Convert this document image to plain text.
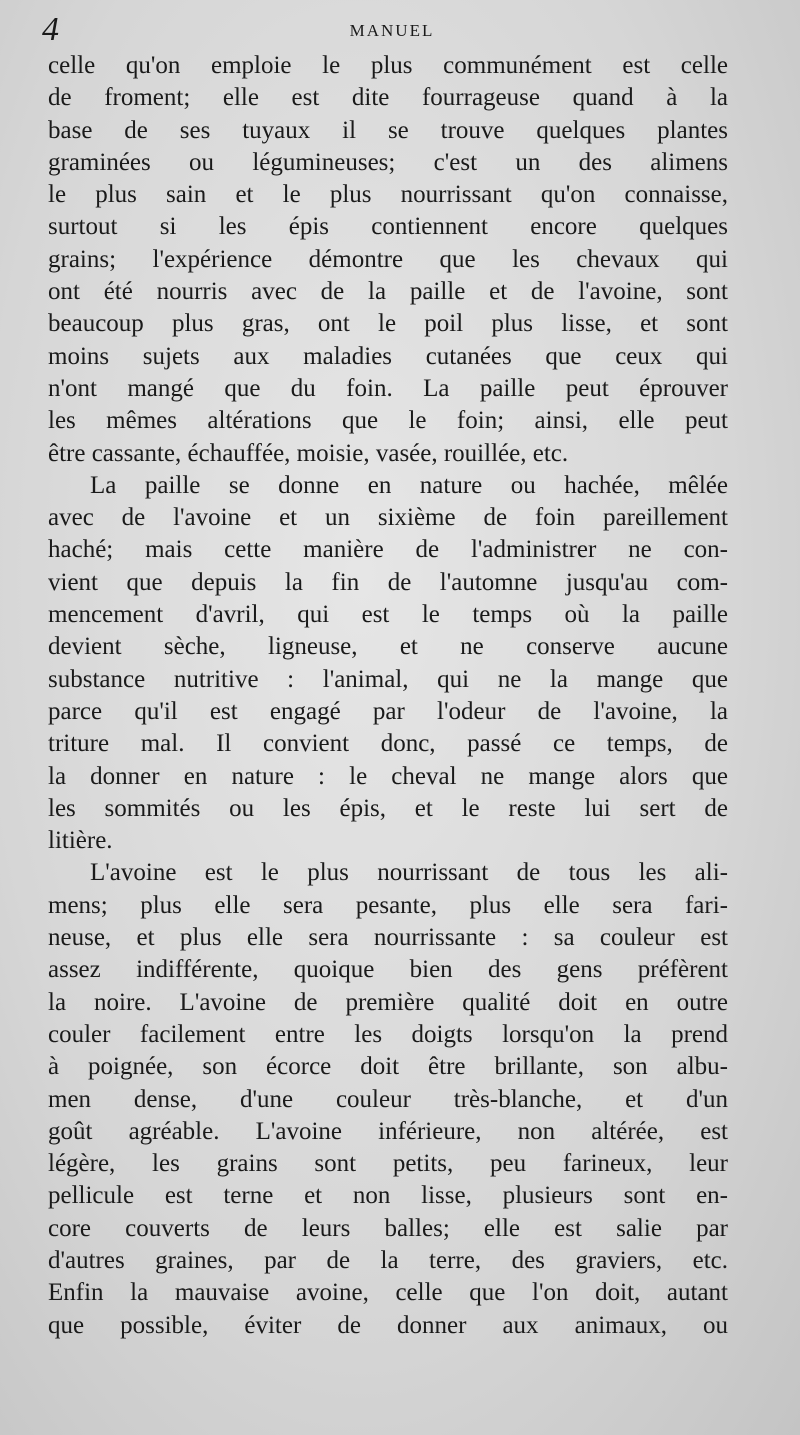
4	MANUEL
celle qu'on emploie le plus communément est celle
de froment; elle est dite fourrageuse quand à la
base de ses tuyaux il se trouve quelques plantes
graminées ou légumineuses; c'est un des alimens
le plus sain et le plus nourrissant qu'on connaisse,
surtout si les épis contiennent encore quelques
grains; l'expérience démontre que les chevaux qui
ont été nourris avec de la paille et de l'avoine, sont
beaucoup plus gras, ont le poil plus lisse, et sont
moins sujets aux maladies cutanées que ceux qui
n'ont mangé que du foin. La paille peut éprouver
les mêmes altérations que le foin; ainsi, elle peut
être cassante, échauffée, moisie, vasée, rouillée, etc.
La paille se donne en nature ou hachée, mêlée
avec de l'avoine et un sixième de foin pareillement
haché; mais cette manière de l'administrer ne con-
vient que depuis la fin de l'automne jusqu'au com-
mencement d'avril, qui est le temps où la paille
devient sèche, ligneuse, et ne conserve aucune
substance nutritive : l'animal, qui ne la mange que
parce qu'il est engagé par l'odeur de l'avoine, la
triture mal. Il convient donc, passé ce temps, de
la donner en nature : le cheval ne mange alors que
les sommités ou les épis, et le reste lui sert de
litière.
L'avoine est le plus nourrissant de tous les ali-
mens; plus elle sera pesante, plus elle sera fari-
neuse, et plus elle sera nourrissante : sa couleur est
assez indifférente, quoique bien des gens préfèrent
la noire. L'avoine de première qualité doit en outre
couler facilement entre les doigts lorsqu'on la prend
à poignée, son écorce doit être brillante, son albu-
men dense, d'une couleur très-blanche, et d'un
goût agréable. L'avoine inférieure, non altérée, est
légère, les grains sont petits, peu farineux, leur
pellicule est terne et non lisse, plusieurs sont en-
core couverts de leurs balles; elle est salie par
d'autres graines, par de la terre, des graviers, etc.
Enfin la mauvaise avoine, celle que l'on doit, autant
que possible, éviter de donner aux animaux, ou
